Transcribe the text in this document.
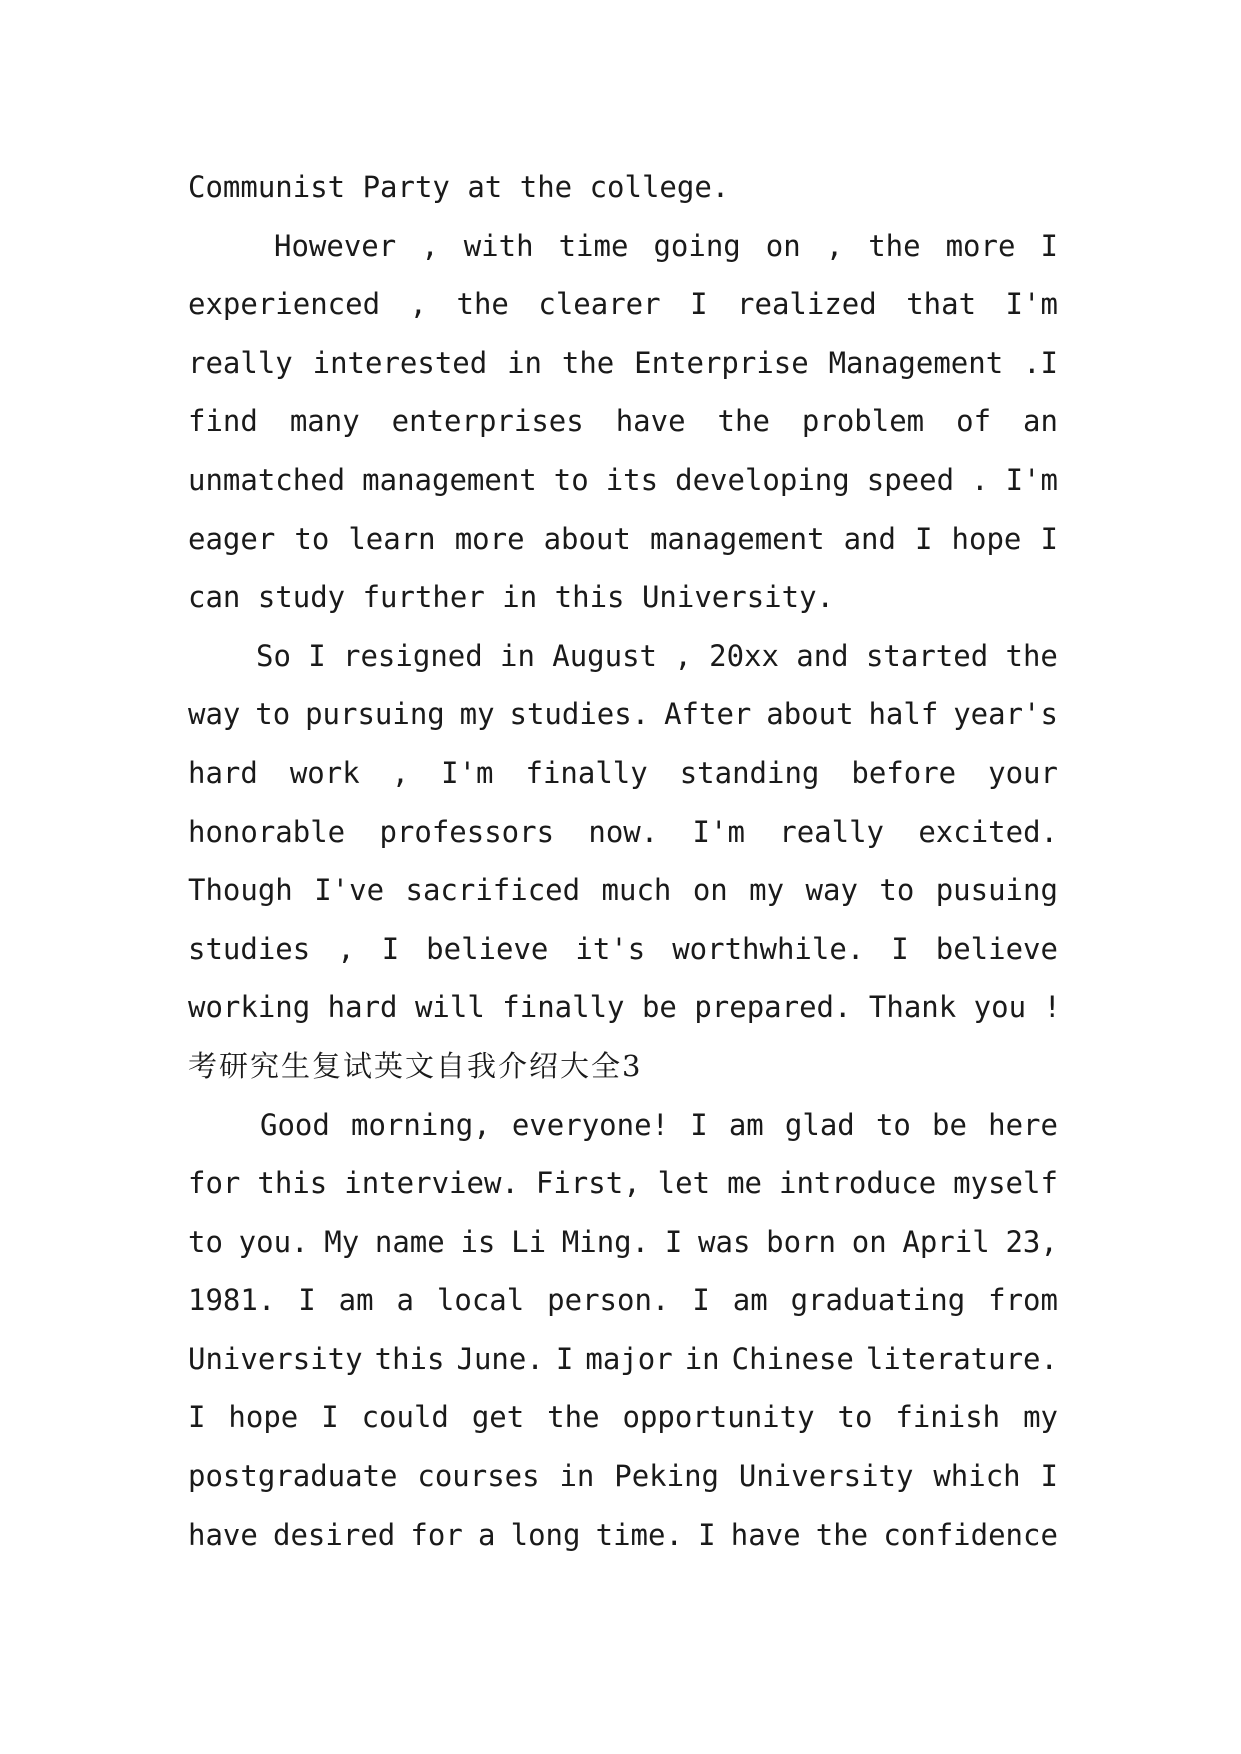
Communist Party at the college.
However , with time going on , the more I
experienced , the clearer I realized that I'm
really interested in the Enterprise Management .I
find many enterprises have the problem of an
unmatched management to its developing speed . I'm
eager to learn more about management and I hope I
can study further in this University.
So I resigned in August , 20xx and started the
way to pursuing my studies. After about half year's
hard work , I'm finally standing before your
honorable professors now. I'm really excited.
Though I've sacrificed much on my way to pusuing
studies , I believe it's worthwhile. I believe
working hard will finally be prepared. Thank you !
考研究生复试英文自我介绍大全3
Good morning, everyone! I am glad to be here
for this interview. First, let me introduce myself
to you. My name is Li Ming. I was born on April 23,
1981. I am a local person. I am graduating from
University this June. I major in Chinese literature.
I hope I could get the opportunity to finish my
postgraduate courses in Peking University which I
have desired for a long time. I have the confidence
